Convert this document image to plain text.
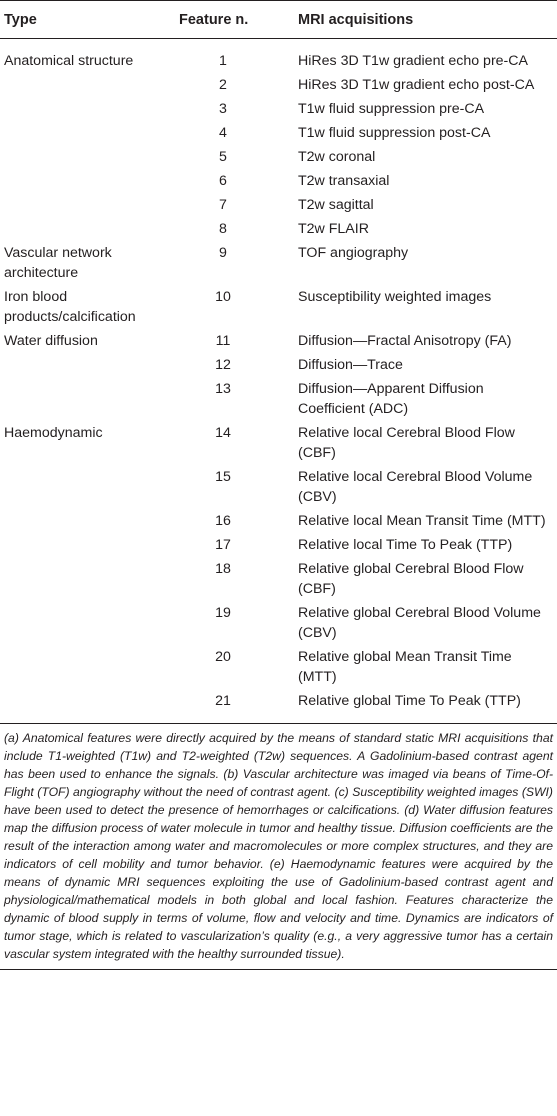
Type	Feature n.	MRI acquisitions
Anatomical structure	1	HiRes 3D T1w gradient echo pre-CA
	2	HiRes 3D T1w gradient echo post-CA
	3	T1w fluid suppression pre-CA
	4	T1w fluid suppression post-CA
	5	T2w coronal
	6	T2w transaxial
	7	T2w sagittal
	8	T2w FLAIR
Vascular network architecture	9	TOF angiography
Iron blood products/calcification	10	Susceptibility weighted images
Water diffusion	11	Diffusion—Fractal Anisotropy (FA)
	12	Diffusion—Trace
	13	Diffusion—Apparent Diffusion Coefficient (ADC)
Haemodynamic	14	Relative local Cerebral Blood Flow (CBF)
	15	Relative local Cerebral Blood Volume (CBV)
	16	Relative local Mean Transit Time (MTT)
	17	Relative local Time To Peak (TTP)
	18	Relative global Cerebral Blood Flow (CBF)
	19	Relative global Cerebral Blood Volume (CBV)
	20	Relative global Mean Transit Time (MTT)
	21	Relative global Time To Peak (TTP)
(a) Anatomical features were directly acquired by the means of standard static MRI acquisitions that include T1-weighted (T1w) and T2-weighted (T2w) sequences. A Gadolinium-based contrast agent has been used to enhance the signals. (b) Vascular architecture was imaged via beans of Time-Of-Flight (TOF) angiography without the need of contrast agent. (c) Susceptibility weighted images (SWI) have been used to detect the presence of hemorrhages or calcifications. (d) Water diffusion features map the diffusion process of water molecule in tumor and healthy tissue. Diffusion coefficients are the result of the interaction among water and macromolecules or more complex structures, and they are indicators of cell mobility and tumor behavior. (e) Haemodynamic features were acquired by the means of dynamic MRI sequences exploiting the use of Gadolinium-based contrast agent and physiological/mathematical models in both global and local fashion. Features characterize the dynamic of blood supply in terms of volume, flow and velocity and time. Dynamics are indicators of tumor stage, which is related to vascularization’s quality (e.g., a very aggressive tumor has a certain vascular system integrated with the healthy surrounded tissue).
